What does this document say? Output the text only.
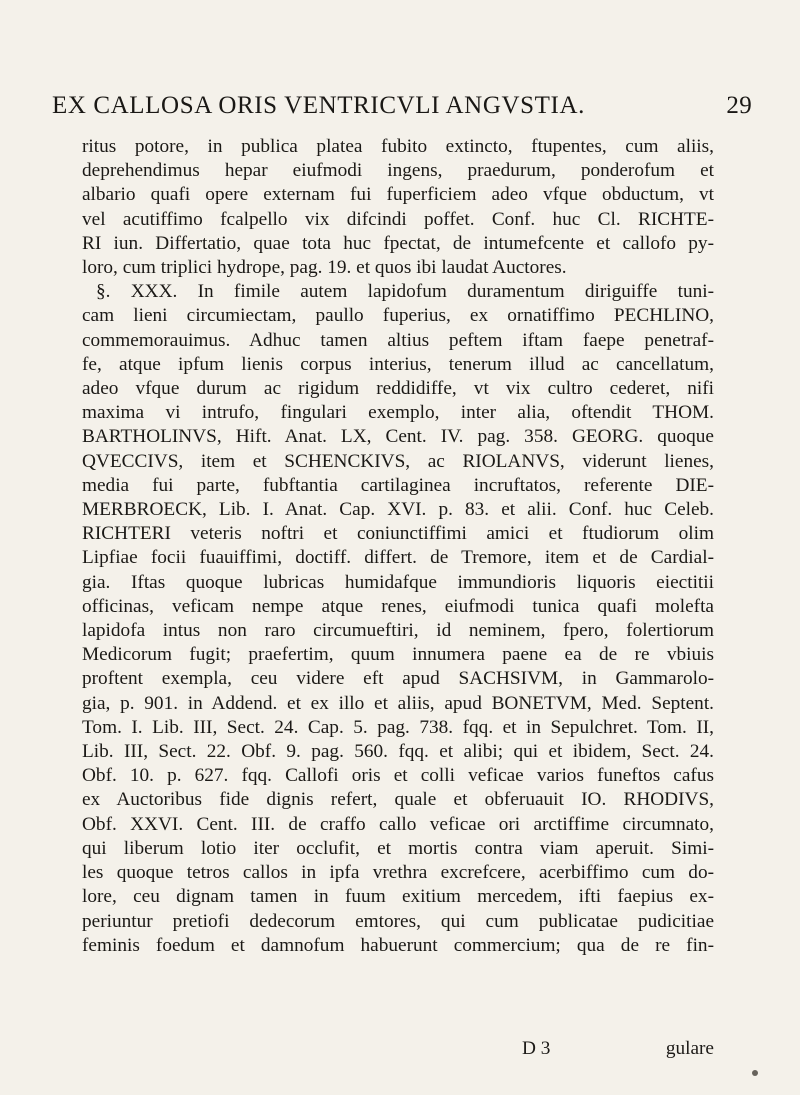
EX CALLOSA ORIS VENTRICVLI ANGVSTIA.	29
ritus potore, in publica platea fubito extincto, ftupentes, cum aliis,
deprehendimus hepar eiufmodi ingens, praedurum, ponderofum et
albario quafi opere externam fui fuperficiem adeo vfque obductum, vt
vel acutiffimo fcalpello vix difcindi poffet. Conf. huc Cl. RICHTE-
RI iun. Differtatio, quae tota huc fpectat, de intumefcente et callofo py-
loro, cum triplici hydrope, pag. 19. et quos ibi laudat Auctores.
§. XXX. In fimile autem lapidofum duramentum diriguiffe tuni-
cam lieni circumiectam, paullo fuperius, ex ornatiffimo PECHLINO,
commemorauimus. Adhuc tamen altius peftem iftam faepe penetraf-
fe, atque ipfum lienis corpus interius, tenerum illud ac cancellatum,
adeo vfque durum ac rigidum reddidiffe, vt vix cultro cederet, nifi
maxima vi intrufo, fingulari exemplo, inter alia, oftendit THOM.
BARTHOLINVS, Hift. Anat. LX, Cent. IV. pag. 358. GEORG. quoque
QVECCIVS, item et SCHENCKIVS, ac RIOLANVS, viderunt lienes,
media fui parte, fubftantia cartilaginea incruftatos, referente DIE-
MERBROECK, Lib. I. Anat. Cap. XVI. p. 83. et alii. Conf. huc Celeb.
RICHTERI veteris noftri et coniunctiffimi amici et ftudiorum olim
Lipfiae focii fuauiffimi, doctiff. differt. de Tremore, item et de Cardial-
gia. Iftas quoque lubricas humidafque immundioris liquoris eiectitii
officinas, veficam nempe atque renes, eiufmodi tunica quafi molefta
lapidofa intus non raro circumueftiri, id neminem, fpero, folertiorum
Medicorum fugit; praefertim, quum innumera paene ea de re vbiuis
proftent exempla, ceu videre eft apud SACHSIVM, in Gammarolo-
gia, p. 901. in Addend. et ex illo et aliis, apud BONETVM, Med. Septent.
Tom. I. Lib. III, Sect. 24. Cap. 5. pag. 738. fqq. et in Sepulchret. Tom. II,
Lib. III, Sect. 22. Obf. 9. pag. 560. fqq. et alibi; qui et ibidem, Sect. 24.
Obf. 10. p. 627. fqq. Callofi oris et colli veficae varios funeftos cafus
ex Auctoribus fide dignis refert, quale et obferuauit IO. RHODIVS,
Obf. XXVI. Cent. III. de craffo callo veficae ori arctiffime circumnato,
qui liberum lotio iter occlufit, et mortis contra viam aperuit. Simi-
les quoque tetros callos in ipfa vrethra excrefcere, acerbiffimo cum do-
lore, ceu dignam tamen in fuum exitium mercedem, ifti faepius ex-
periuntur pretiofi dedecorum emtores, qui cum publicatae pudicitiae
feminis foedum et damnofum habuerunt commercium; qua de re fin-
D 3	gulare
